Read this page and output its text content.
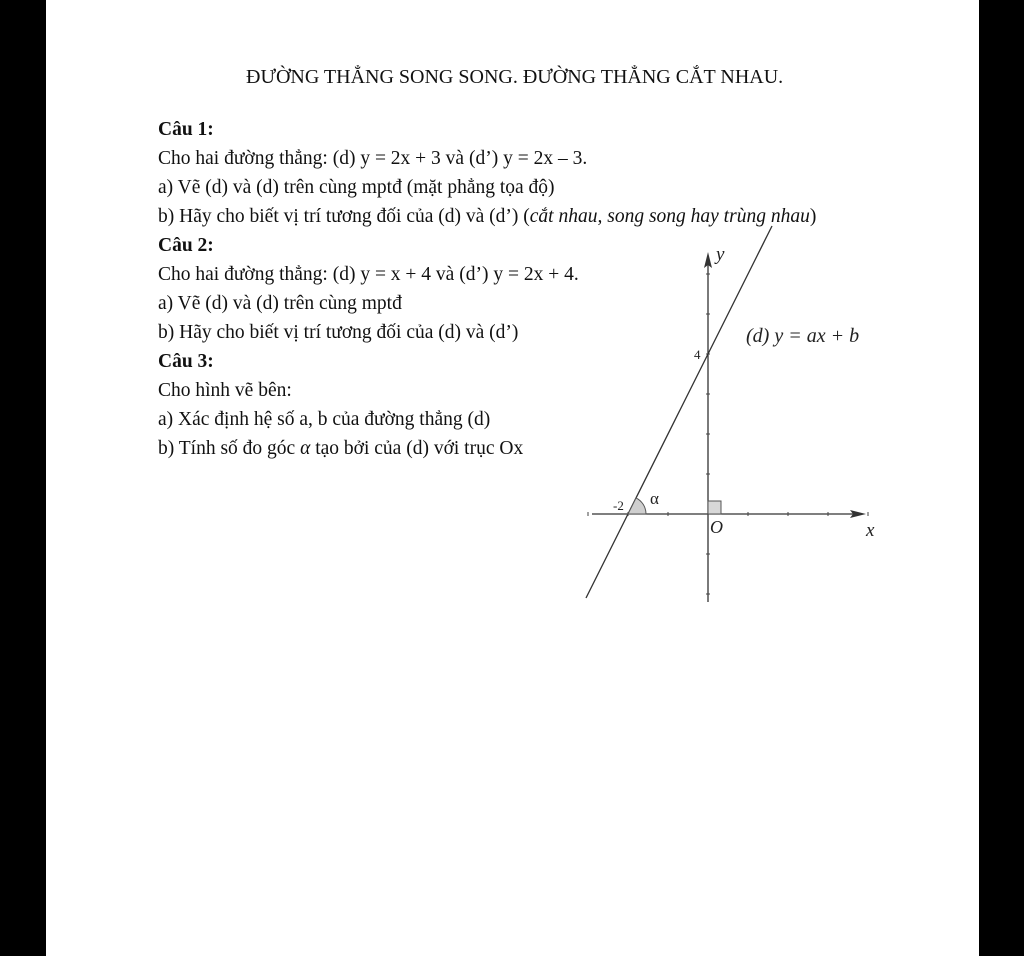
ĐƯỜNG THẲNG SONG SONG. ĐƯỜNG THẲNG CẮT NHAU.
Câu 1:
Cho hai đường thẳng: (d) y = 2x + 3 và (d’) y = 2x – 3.
a) Vẽ (d) và (d) trên cùng mptđ (mặt phẳng tọa độ)
b) Hãy cho biết vị trí tương đối của (d) và (d’) (cắt nhau, song song hay trùng nhau)
Câu 2:
Cho hai đường thẳng: (d) y = x + 4 và (d’) y = 2x + 4.
a) Vẽ (d) và (d) trên cùng mptđ
b) Hãy cho biết vị trí tương đối của (d) và (d’)
Câu 3:
Cho hình vẽ bên:
a) Xác định hệ số a, b của đường thẳng (d)
b) Tính số đo góc α tạo bởi của (d) với trục Ox
-2
4
α
O	x
y
(d) y = ax + b
